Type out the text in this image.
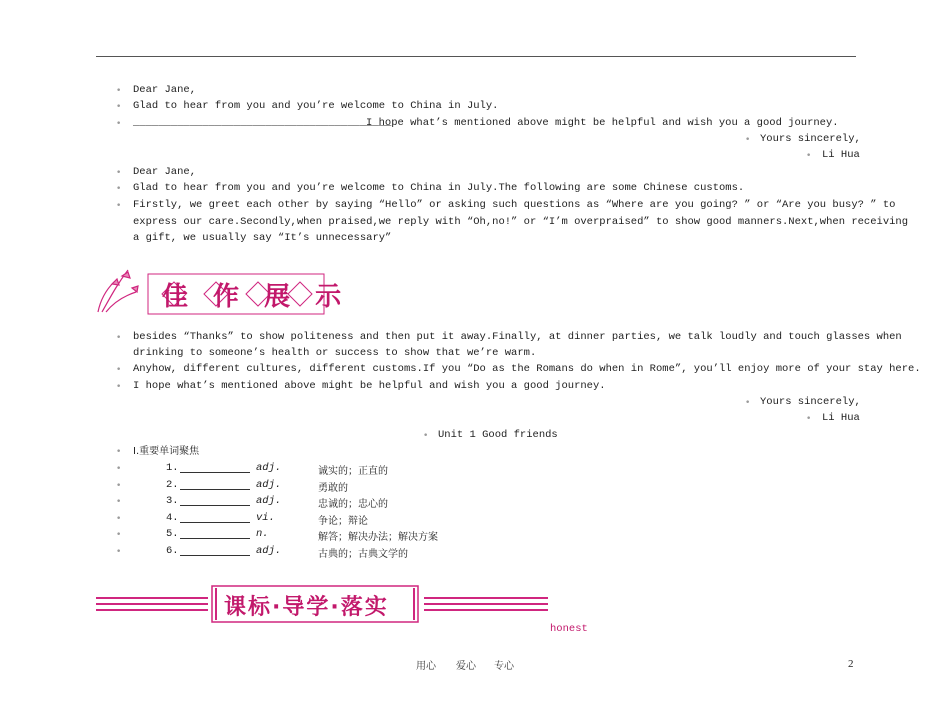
• Dear Jane,
• Glad to hear from you and you’re welcome to China in July.
• _________________________________________
I hope what’s mentioned above might be helpful and wish you a good journey.
• Yours sincerely,
• Li Hua
• Dear Jane,
• Glad to hear from you and you’re welcome to China in July.The following are some Chinese customs.
• Firstly, we greet each other by saying “Hello” or asking such questions as “Where are you going? ” or “Are you busy? ” to
express our care.Secondly,when praised,we reply with “Oh,no!” or “I’m overpraised” to show good manners.Next,when receiving
a gift, we usually say “It’s unnecessary”
佳 作 展 示
• besides “Thanks” to show politeness and then put it away.Finally, at dinner parties, we talk loudly and touch glasses when
drinking to someone’s health or success to show that we’re warm.
• Anyhow, different cultures, different customs.If you “Do as the Romans do when in Rome”, you’ll enjoy more of your stay here.
• I hope what’s mentioned above might be helpful and wish you a good journey.
• Yours sincerely,
• Li Hua
• Unit 1 Good friends
• Ⅰ.重要单词聚焦
•	1.	adj.	诚实的；正直的
•	2.	adj.	勇敢的
•	3.	adj.	忠诚的；忠心的
•	4.	vi.	争论；辩论
•	5.	n.	解答；解决办法；解决方案
•	6.	adj.	古典的；古典文学的
课标·导学·落实
honest
用心 爱心 专心	2
